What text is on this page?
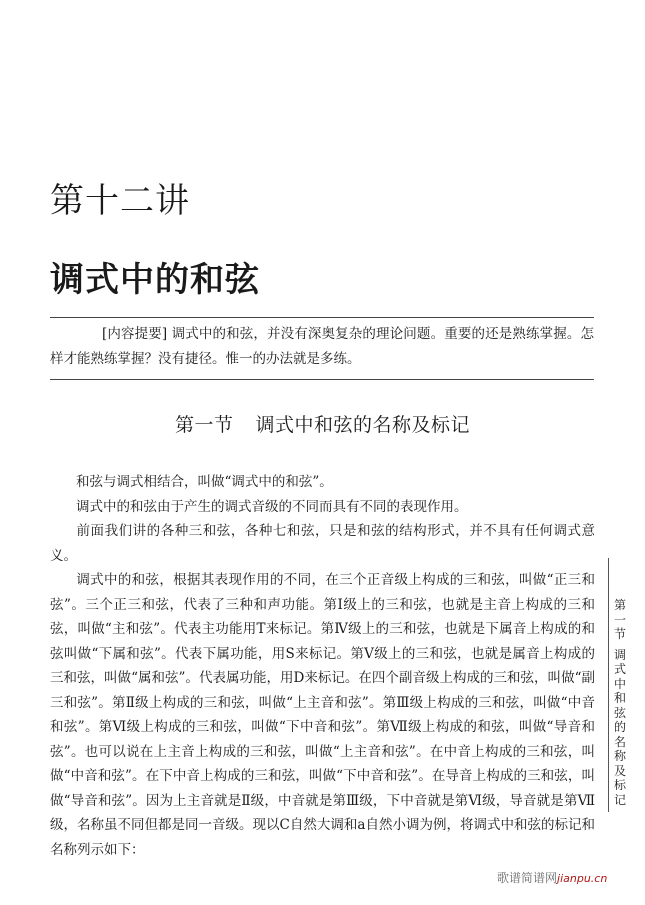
第十二讲
调式中的和弦
[内容提要] 调式中的和弦，并没有深奥复杂的理论问题。重要的还是熟练掌握。怎样才能熟练掌握？没有捷径。惟一的办法就是多练。
第一节 调式中和弦的名称及标记

和弦与调式相结合，叫做“调式中的和弦”。

调式中的和弦由于产生的调式音级的不同而具有不同的表现作用。

前面我们讲的各种三和弦，各种七和弦，只是和弦的结构形式，并不具有任何调式意义。

调式中的和弦，根据其表现作用的不同，在三个正音级上构成的三和弦，叫做“正三和弦”。三个正三和弦，代表了三种和声功能。第Ⅰ级上的三和弦，也就是主音上构成的三和弦，叫做“主和弦”。代表主功能用T来标记。第Ⅳ级上的三和弦，也就是下属音上构成的和弦叫做“下属和弦”。代表下属功能，用S来标记。第Ⅴ级上的三和弦，也就是属音上构成的三和弦，叫做“属和弦”。代表属功能，用D来标记。在四个副音级上构成的三和弦，叫做“副三和弦”。第Ⅱ级上构成的三和弦，叫做“上主音和弦”。第Ⅲ级上构成的三和弦，叫做“中音和弦”。第Ⅵ级上构成的三和弦，叫做“下中音和弦”。第Ⅶ级上构成的和弦，叫做“导音和弦”。也可以说在上主音上构成的三和弦，叫做“上主音和弦”。在中音上构成的三和弦，叫做“中音和弦”。在下中音上构成的三和弦，叫做“下中音和弦”。在导音上构成的三和弦，叫做“导音和弦”。因为上主音就是Ⅱ级，中音就是第Ⅲ级，下中音就是第Ⅵ级，导音就是第Ⅶ级，名称虽不同但都是同一音级。现以C自然大调和a自然小调为例，将调式中和弦的标记和名称列示如下：

第
一
节
调
式
中
和
弦
的
名
称
及
标
记
歌谱简谱网jianpu.cn
